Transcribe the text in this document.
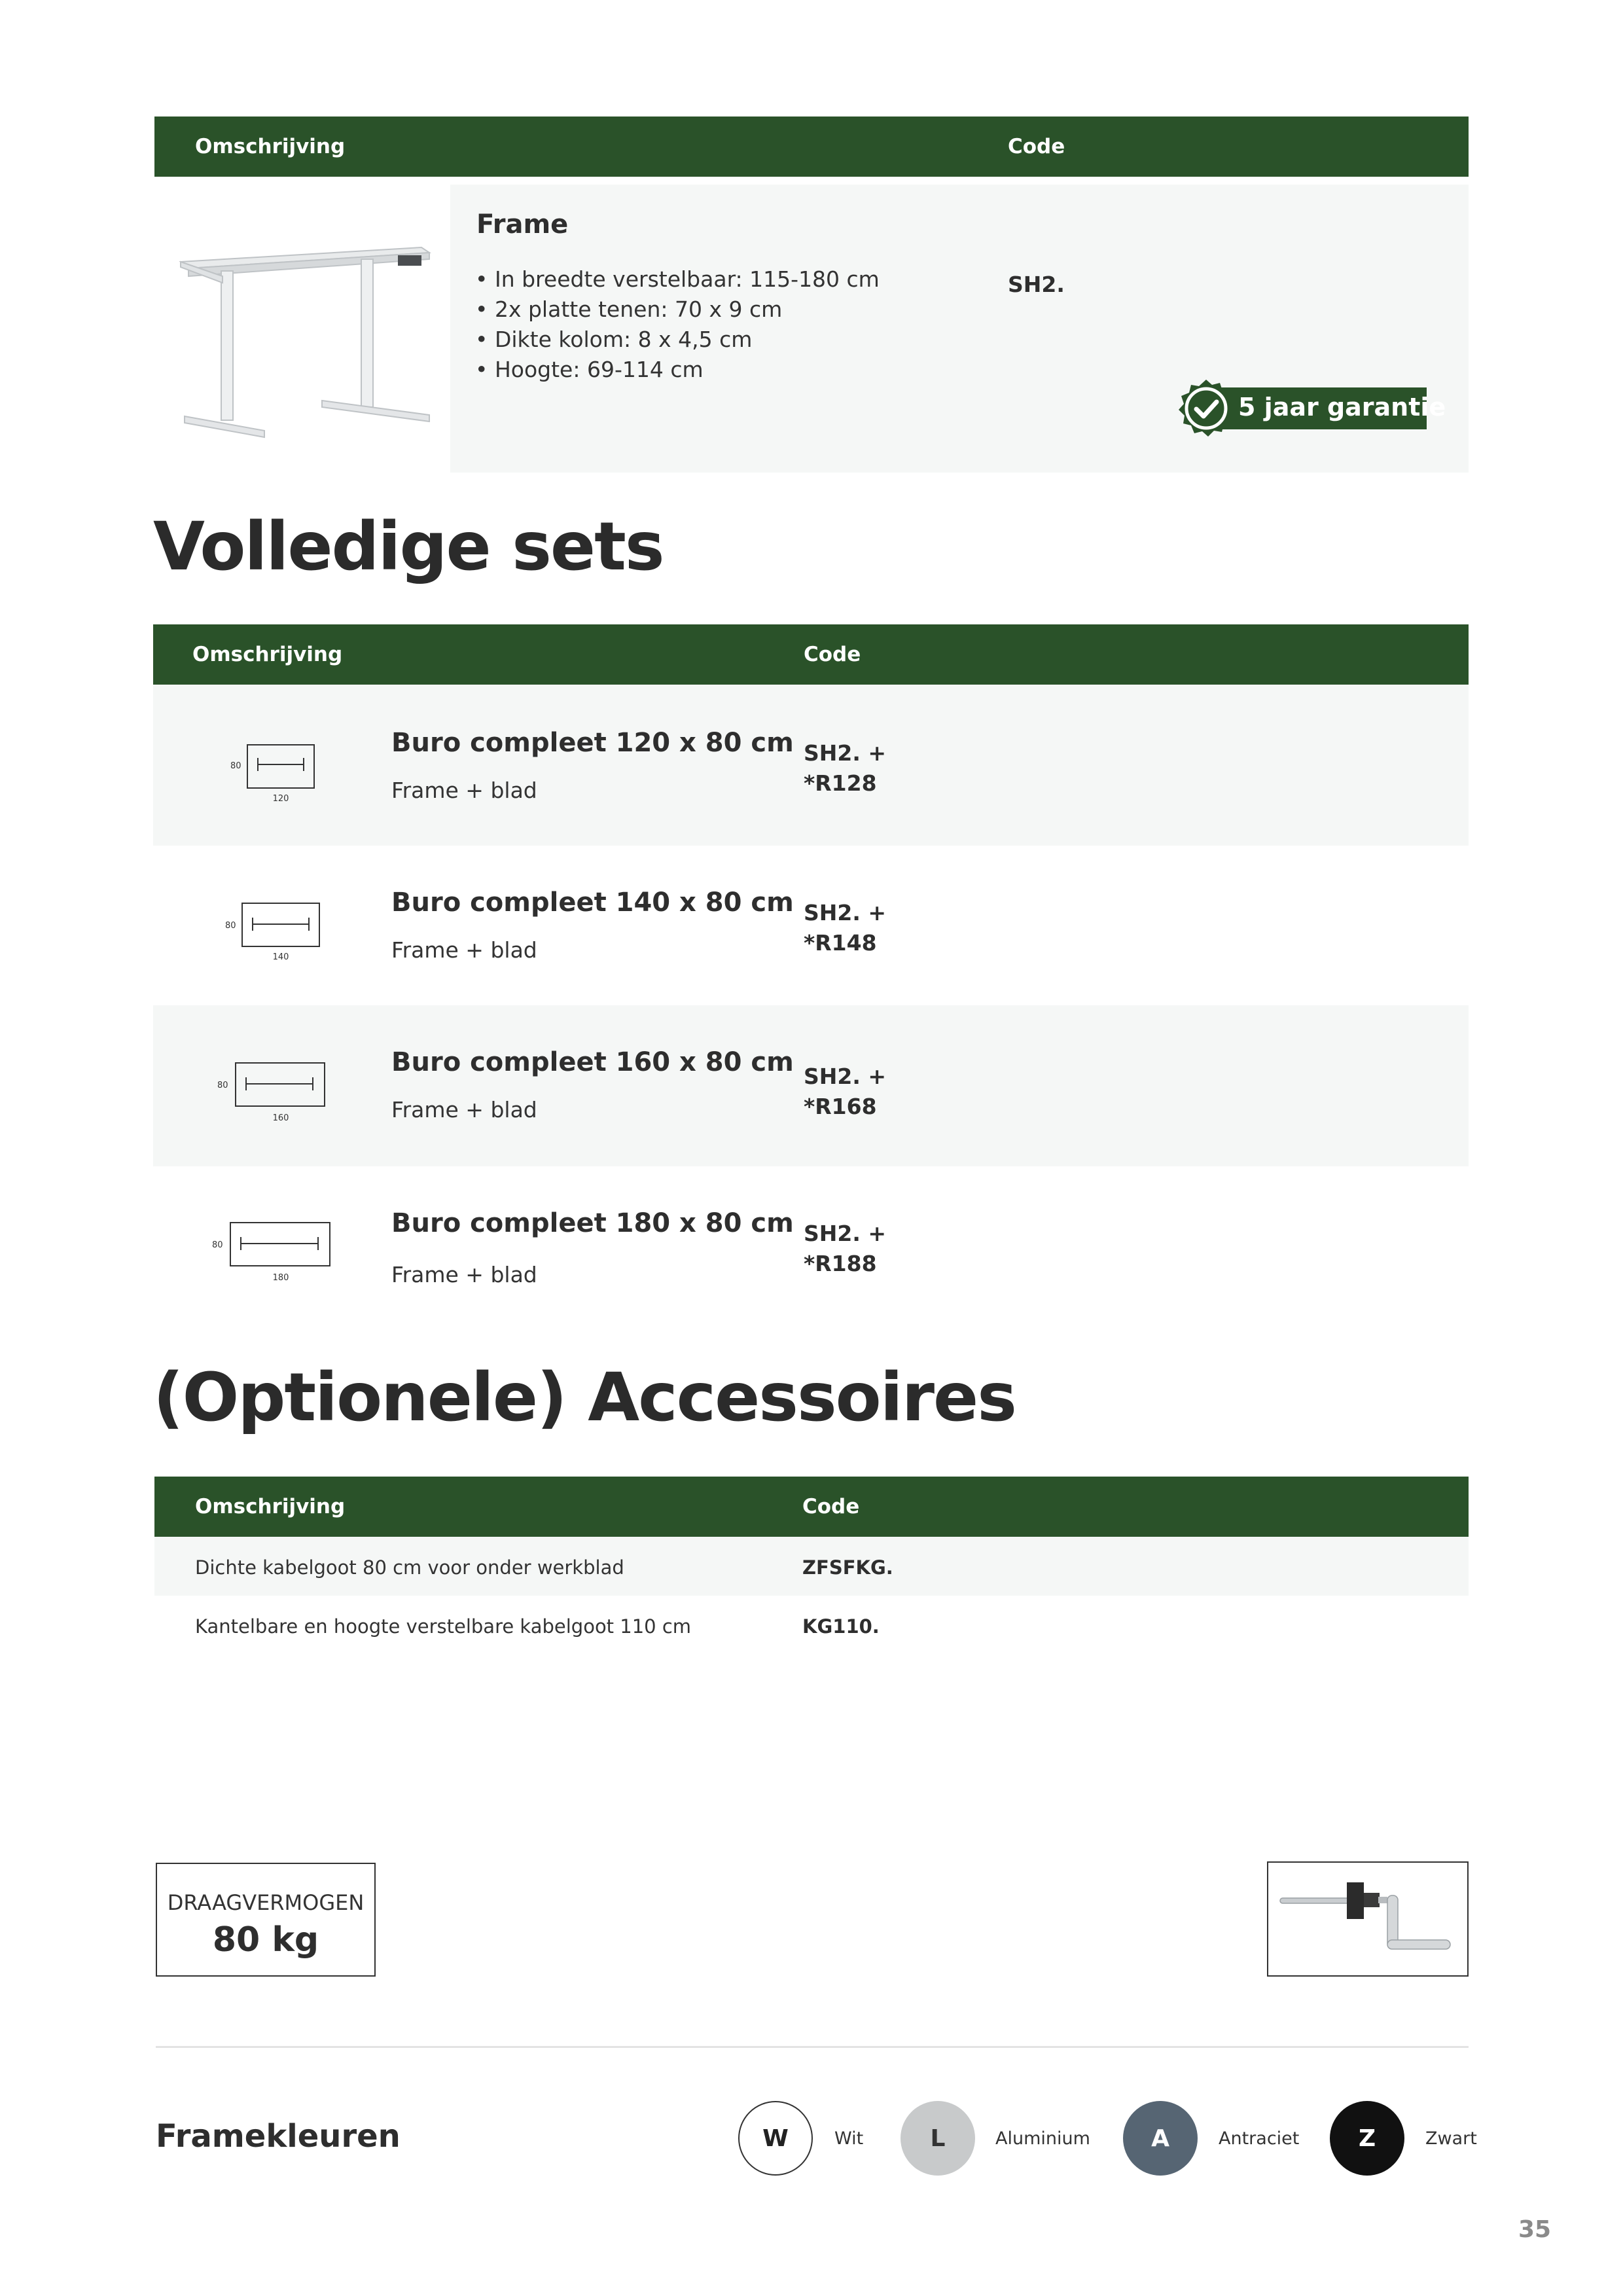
Omschrijving	Code
Frame
• In breedte verstelbaar: 115-180 cm
• 2x platte tenen: 70 x 9 cm
• Dikte kolom: 8 x 4,5 cm
• Hoogte: 69-114 cm
SH2.
5 jaar garantie
Volledige sets
Omschrijving	Code
80
120
Buro compleet 120 x 80 cm
Frame + blad
SH2. +
*R128
80
140
Buro compleet 140 x 80 cm
Frame + blad
SH2. +
*R148
80
160
Buro compleet 160 x 80 cm
Frame + blad
SH2. +
*R168
80
180
Buro compleet 180 x 80 cm
Frame + blad
SH2. +
*R188
(Optionele) Accessoires
Omschrijving	Code
Dichte kabelgoot 80 cm voor onder werkblad	ZFSFKG.
Kantelbare en hoogte verstelbare kabelgoot 110 cm	KG110.
DRAAGVERMOGEN
80 kg
Framekleuren	W	Wit	L	Aluminium	A	Antraciet	Z	Zwart
35
